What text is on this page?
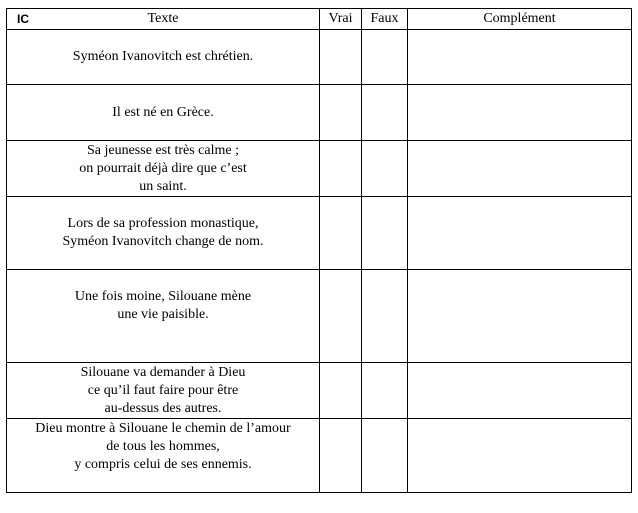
IC Texte	Vrai	Faux	Complément

Syméon Ivanovitch est chrétien.			

Il est né en Grèce.			

Sa jeunesse est très calme ;
on pourrait déjà dire que c’est
un saint.			

Lors de sa profession monastique,
Syméon Ivanovitch change de nom.			

Une fois moine, Silouane mène
une vie paisible.			

Silouane va demander à Dieu
ce qu’il faut faire pour être
au-dessus des autres.			

Dieu montre à Silouane le chemin de l’amour
de tous les hommes,
y compris celui de ses ennemis.			
